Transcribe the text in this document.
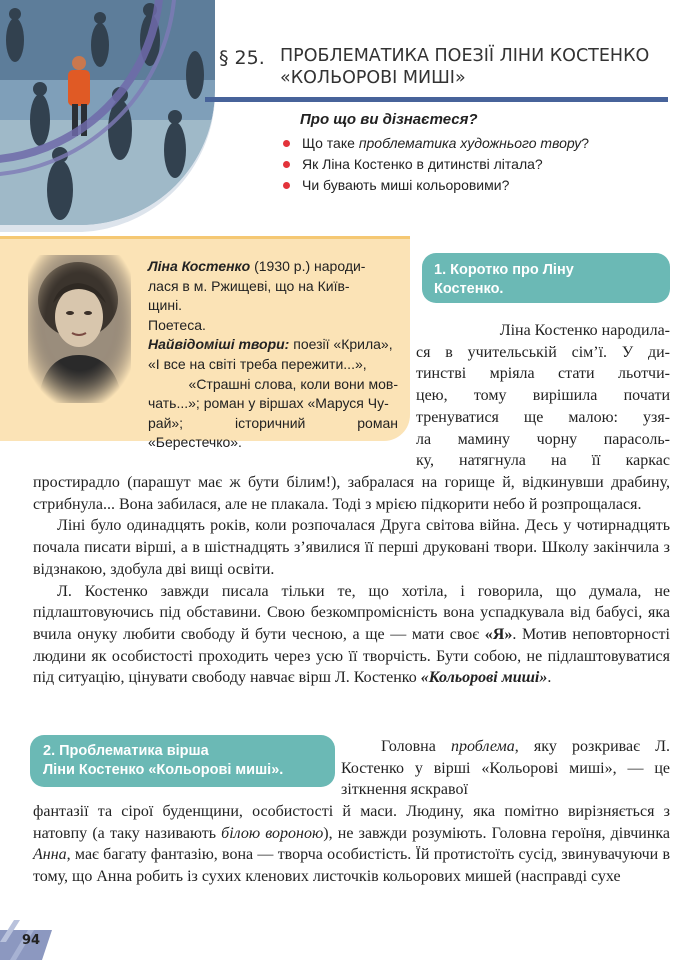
§ 25. ПРОБЛЕМАТИКА ПОЕЗІЇ ЛІНИ КОСТЕНКО
«КОЛЬОРОВІ МИШІ»
Про що ви дізнаєтеся?
Що таке проблематика художнього твору?
Як Ліна Костенко в дитинстві літала?
Чи бувають миші кольоровими?
Ліна Костенко (1930 р.) народи-
лася в м. Ржищеві, що на Київ-
щині.
Поетеса.
Найвідоміші твори: поезії «Крила»,
«І все на світі треба пережити...»,
«Страшні слова, коли вони мов-
чать...»; роман у віршах «Маруся Чу-
рай»; історичний роман «Берестечко».
1. Коротко про Ліну
Костенко.
Ліна Костенко народила-
ся в учительській сім’ї. У ди-
тинстві мріяла стати льотчи-
цею, тому вирішила почати
тренуватися ще малою: узя-
ла мамину чорну парасоль-
ку, натягнула на її каркас

простирадло (парашут має ж бути білим!), забралася на горище й, відкинувши драбину, стрибнула... Вона забилася, але не плакала. Тоді з мрією підкорити небо й розпрощалася.

Ліні було одинадцять років, коли розпочалася Друга світова війна. Десь у чотирнадцять почала писати вірші, а в шістнадцять з’явилися її перші друковані твори. Школу закінчила з відзнакою, здобула дві вищі освіти.

Л. Костенко завжди писала тільки те, що хотіла, і говорила, що думала, не підлаштовуючись під обставини. Свою безкомпромісність вона успадкувала від бабусі, яка вчила онуку любити свободу й бути чесною, а ще — мати своє «Я». Мотив неповторності людини як особистості проходить через усю її творчість. Бути собою, не підлаштовуватися під ситуацію, цінувати свободу навчає вірш Л. Костенко «Кольорові миші».

2. Проблематика вірша
Ліни Костенко «Кольорові миші».

Головна проблема, яку розкриває Л. Костенко у вірші «Кольорові миші», — це зіткнення яскравої

фантазії та сірої буденщини, особистості й маси. Людину, яка помітно вирізняється з натовпу (а таку називають білою вороною), не завжди розуміють. Головна героїня, дівчинка Анна, має багату фантазію, вона — творча особистість. Їй протистоїть сусід, звинувачуючи в тому, що Анна робить із сухих кленових листочків кольорових мишей (насправді сухе

94
